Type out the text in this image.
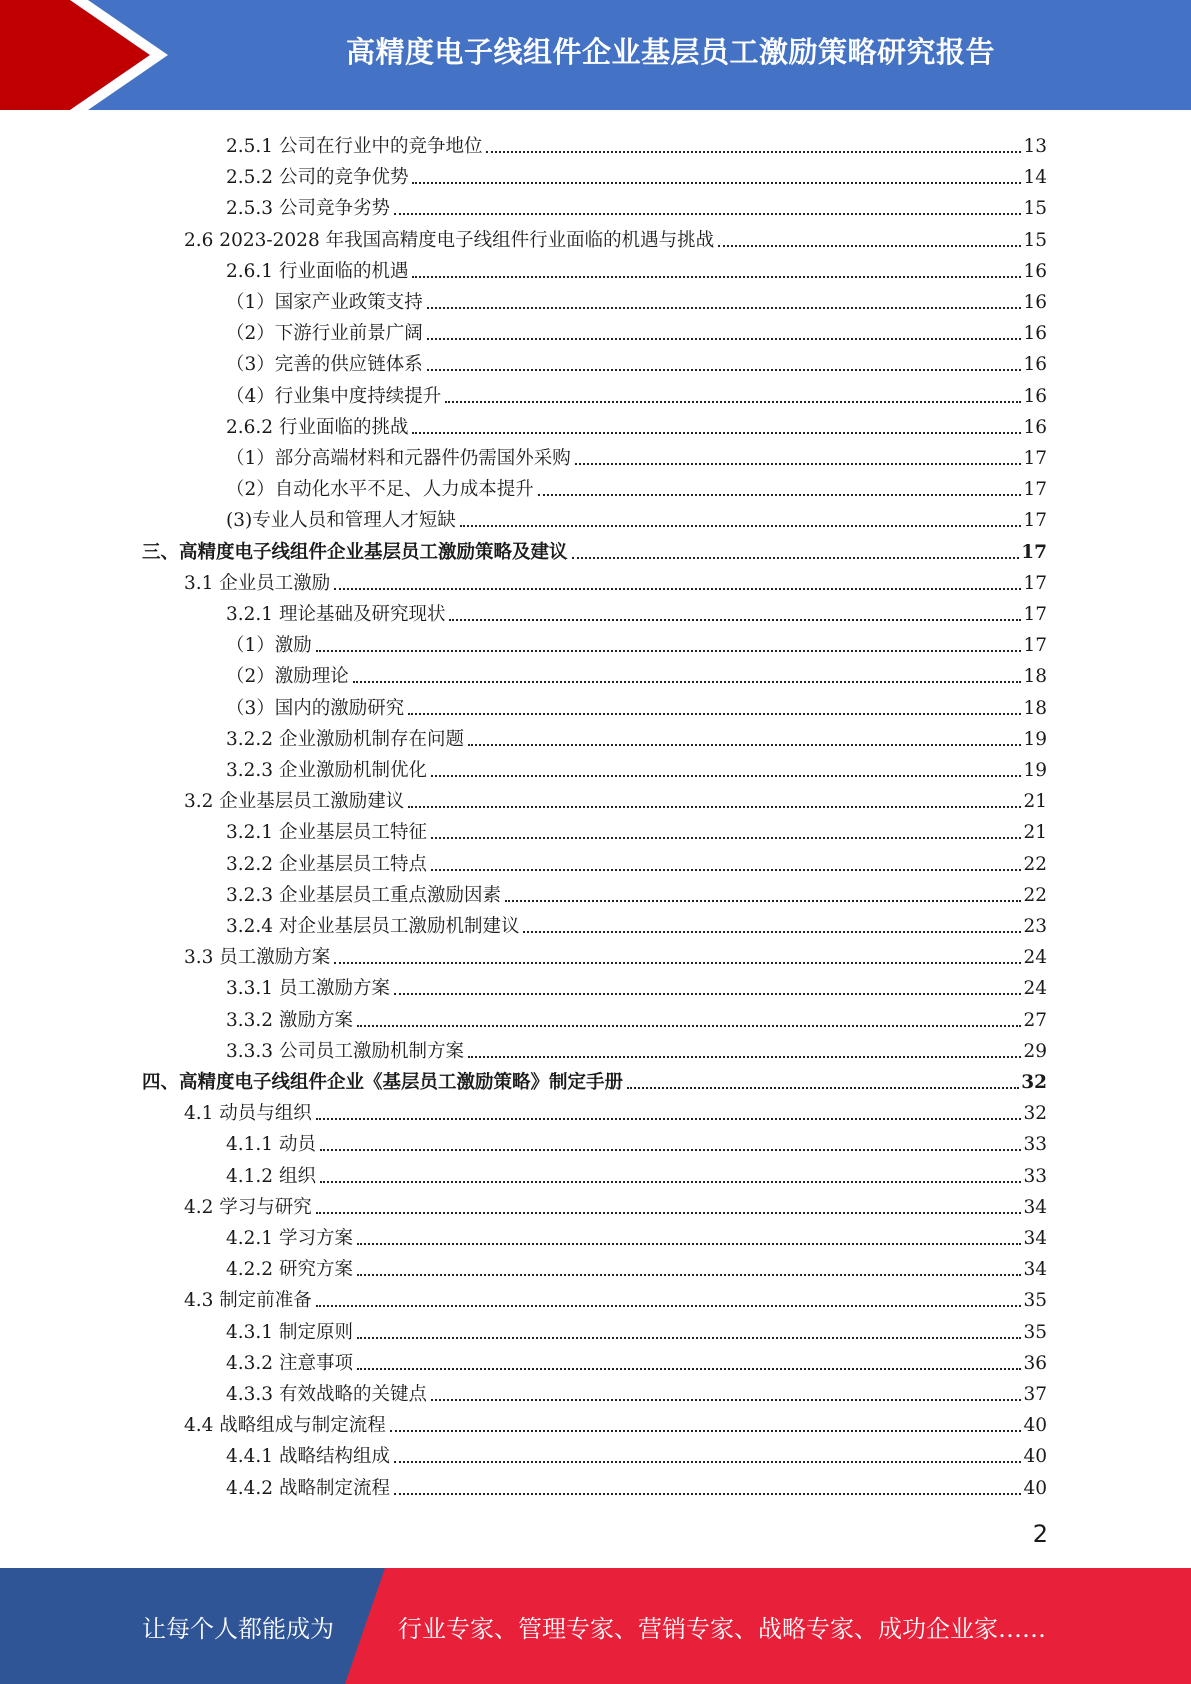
高精度电子线组件企业基层员工激励策略研究报告
2.5.1 公司在行业中的竞争地位	13
2.5.2 公司的竞争优势	14
2.5.3 公司竞争劣势	15
2.6 2023-2028 年我国高精度电子线组件行业面临的机遇与挑战	15
2.6.1 行业面临的机遇	16
（1）国家产业政策支持	16
（2）下游行业前景广阔	16
（3）完善的供应链体系	16
（4）行业集中度持续提升	16
2.6.2 行业面临的挑战	16
（1）部分高端材料和元器件仍需国外采购	17
（2）自动化水平不足、人力成本提升	17
(3)专业人员和管理人才短缺	17
三、高精度电子线组件企业基层员工激励策略及建议	17
3.1 企业员工激励	17
3.2.1 理论基础及研究现状	17
（1）激励	17
（2）激励理论	18
（3）国内的激励研究	18
3.2.2 企业激励机制存在问题	19
3.2.3 企业激励机制优化	19
3.2 企业基层员工激励建议	21
3.2.1 企业基层员工特征	21
3.2.2 企业基层员工特点	22
3.2.3 企业基层员工重点激励因素	22
3.2.4 对企业基层员工激励机制建议	23
3.3 员工激励方案	24
3.3.1 员工激励方案	24
3.3.2 激励方案	27
3.3.3 公司员工激励机制方案	29
四、高精度电子线组件企业《基层员工激励策略》制定手册	32
4.1 动员与组织	32
4.1.1 动员	33
4.1.2 组织	33
4.2 学习与研究	34
4.2.1 学习方案	34
4.2.2 研究方案	34
4.3 制定前准备	35
4.3.1 制定原则	35
4.3.2 注意事项	36
4.3.3 有效战略的关键点	37
4.4 战略组成与制定流程	40
4.4.1 战略结构组成	40
4.4.2 战略制定流程	40
2
让每个人都能成为	行业专家、管理专家、营销专家、战略专家、成功企业家……
